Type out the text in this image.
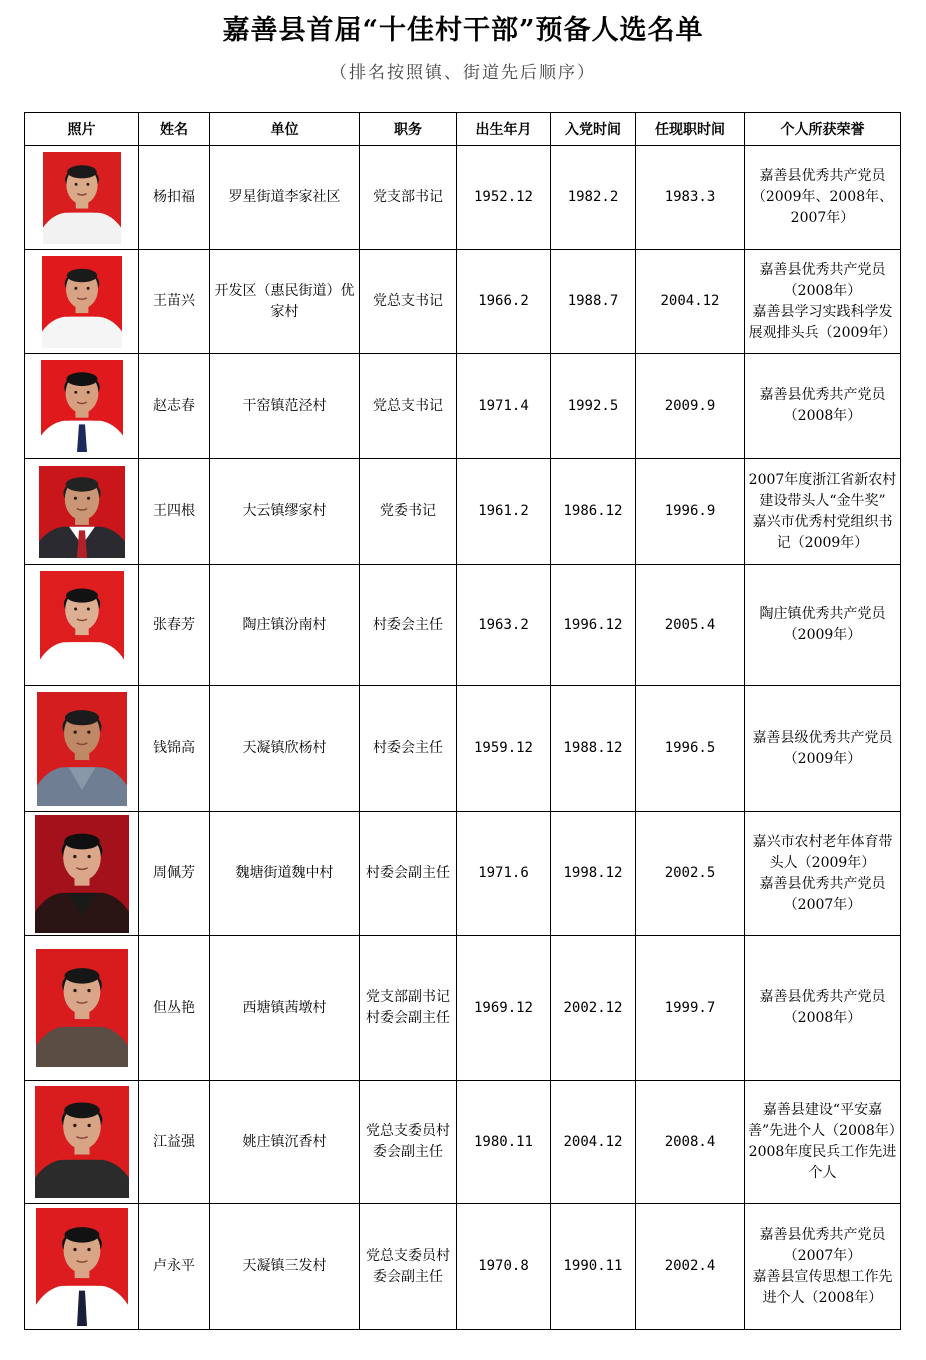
嘉善县首届“十佳村干部”预备人选名单

（排名按照镇、街道先后顺序）

照片	姓名	单位	职务	出生年月	入党时间	任现职时间	个人所获荣誉

	杨扣福	罗星街道李家社区	党支部书记	1952.12	1982.2	1983.3	嘉善县优秀共产党员（2009年、2008年、2007年）

	王苗兴	开发区（惠民街道）优家村	党总支书记	1966.2	1988.7	2004.12	嘉善县优秀共产党员（2008年）
嘉善县学习实践科学发展观排头兵（2009年）

	赵志春	干窑镇范泾村	党总支书记	1971.4	1992.5	2009.9	嘉善县优秀共产党员（2008年）

	王四根	大云镇缪家村	党委书记	1961.2	1986.12	1996.9	2007年度浙江省新农村建设带头人“金牛奖”
嘉兴市优秀村党组织书记（2009年）

	张春芳	陶庄镇汾南村	村委会主任	1963.2	1996.12	2005.4	陶庄镇优秀共产党员（2009年）

	钱锦高	天凝镇欣杨村	村委会主任	1959.12	1988.12	1996.5	嘉善县级优秀共产党员（2009年）

	周佩芳	魏塘街道魏中村	村委会副主任	1971.6	1998.12	2002.5	嘉兴市农村老年体育带头人（2009年）
嘉善县优秀共产党员（2007年）

	但丛艳	西塘镇茜墩村	党支部副书记村委会副主任	1969.12	2002.12	1999.7	嘉善县优秀共产党员（2008年）

	江益强	姚庄镇沉香村	党总支委员村委会副主任	1980.11	2004.12	2008.4	嘉善县建设“平安嘉善”先进个人（2008年）
2008年度民兵工作先进个人

	卢永平	天凝镇三发村	党总支委员村委会副主任	1970.8	1990.11	2002.4	嘉善县优秀共产党员（2007年）
嘉善县宣传思想工作先进个人（2008年）
